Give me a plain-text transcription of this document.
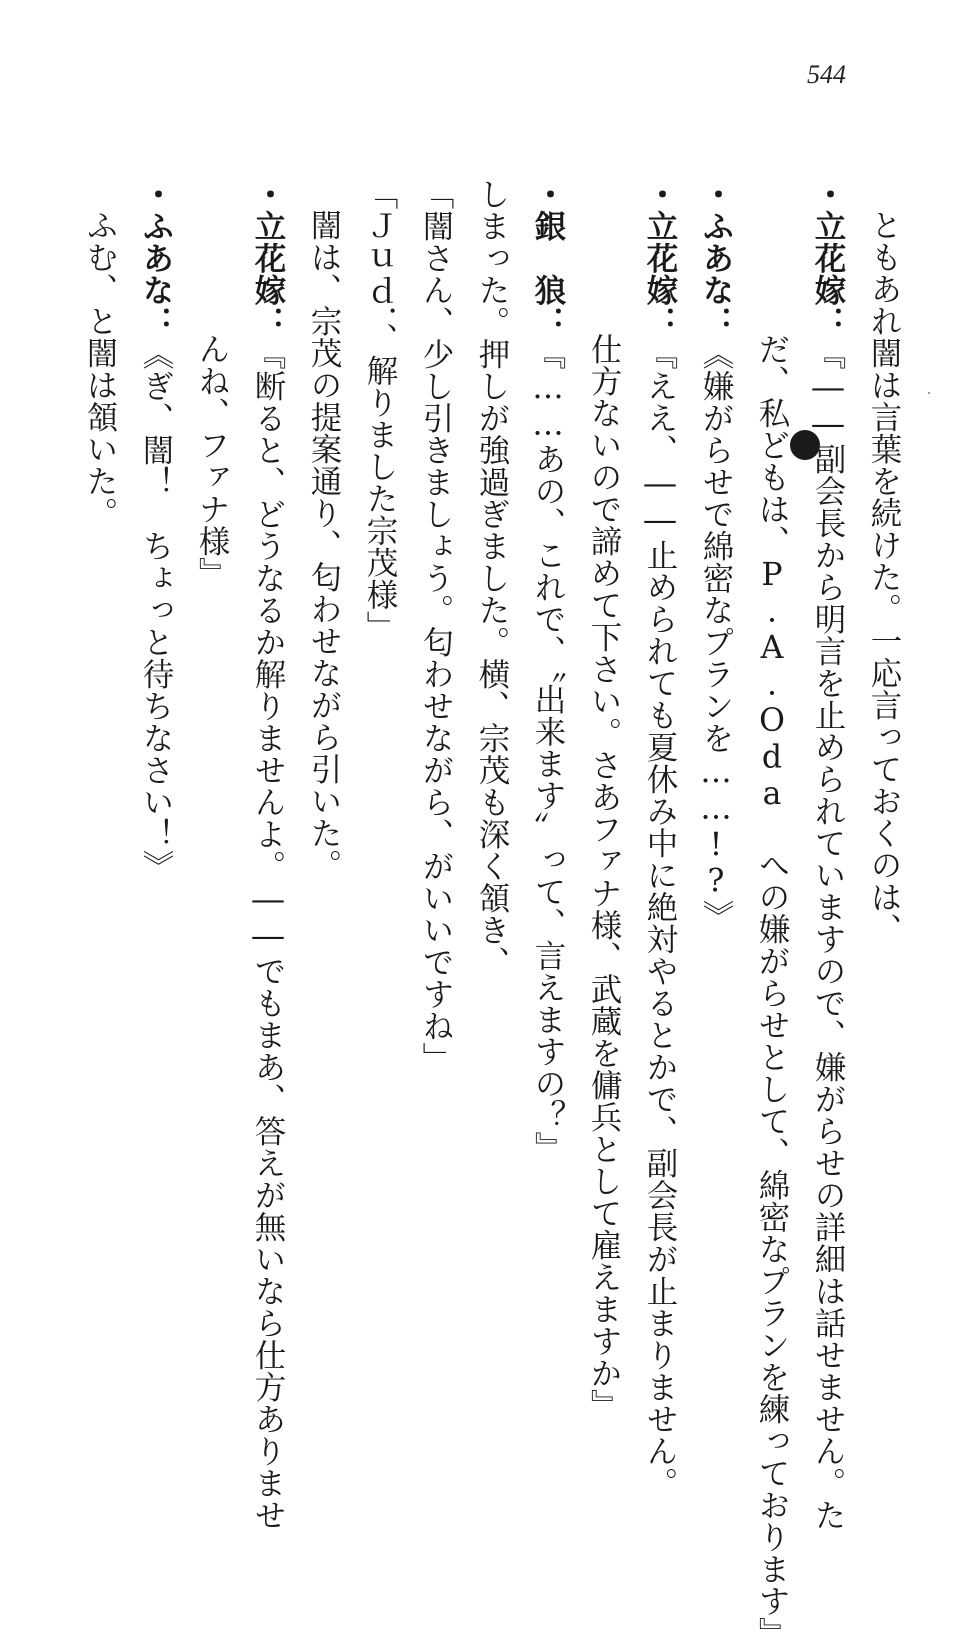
544

ともあれ闇は言葉を続けた。一応言っておくのは、

・立花嫁：『――副会長から明言を止められていますので、嫌がらせの詳細は話せません。た

だ、私どもは、P.A.Oda への嫌がらせとして、綿密なプランを練っております』

・ふあな：《嫌がらせで綿密なプランを……!?》

・立花嫁：『ええ、――止められても夏休み中に絶対やるとかで、副会長が止まりません。

仕方ないので諦めて下さい。さあファナ様、武蔵を傭兵として雇えますか』

・銀　狼：『……あの、これで、〝出来ます〟って、言えますの？』

しまった。押しが強過ぎました。横、宗茂も深く頷き、

「闇さん、少し引きましょう。匂わせながら、がいいですね」

「Ｊｕｄ．、解りました宗茂様」

闇は、宗茂の提案通り、匂わせながら引いた。

・立花嫁：『断ると、どうなるか解りませんよ。――でもまあ、答えが無いなら仕方ありませ

んね、ファナ様』

・ふあな：《ぎ、闇！　ちょっと待ちなさい！》

ふむ、と闇は頷いた。
